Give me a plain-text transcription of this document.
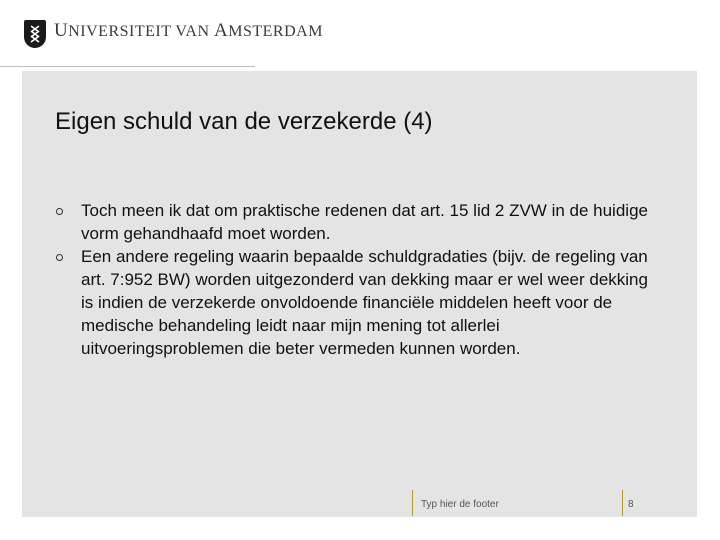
UNIVERSITEIT VAN AMSTERDAM
Eigen schuld van de verzekerde (4)
Toch meen ik dat om praktische redenen dat art. 15 lid 2 ZVW in de huidige vorm gehandhaafd moet worden.
Een andere regeling waarin bepaalde schuldgradaties (bijv. de regeling van art. 7:952 BW) worden uitgezonderd van dekking maar er wel weer dekking is indien de verzekerde onvoldoende financiële middelen heeft voor de medische behandeling leidt naar mijn mening tot allerlei uitvoeringsproblemen die beter vermeden kunnen worden.
Typ hier de footer	8
